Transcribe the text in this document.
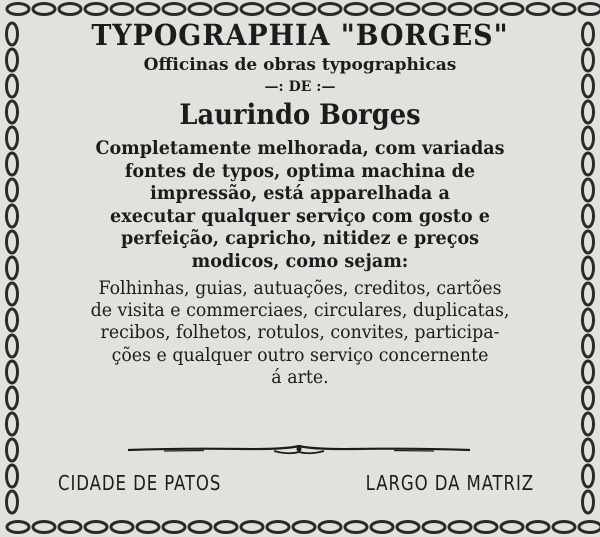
TYPOGRAPHIA "BORGES"
Officinas de obras typographicas
—: DE :—
Laurindo Borges
Completamente melhorada, com variadas
fontes de typos, optima machina de
impressão, está apparelhada a
executar qualquer serviço com gosto e
perfeição, capricho, nitidez e preços
modicos, como sejam:
Folhinhas, guias, autuações, creditos, cartões
de visita e commerciaes, circulares, duplicatas,
recibos, folhetos, rotulos, convites, participa-
ções e qualquer outro serviço concernente
á arte.
CIDADE DE PATOS	LARGO DA MATRIZ
